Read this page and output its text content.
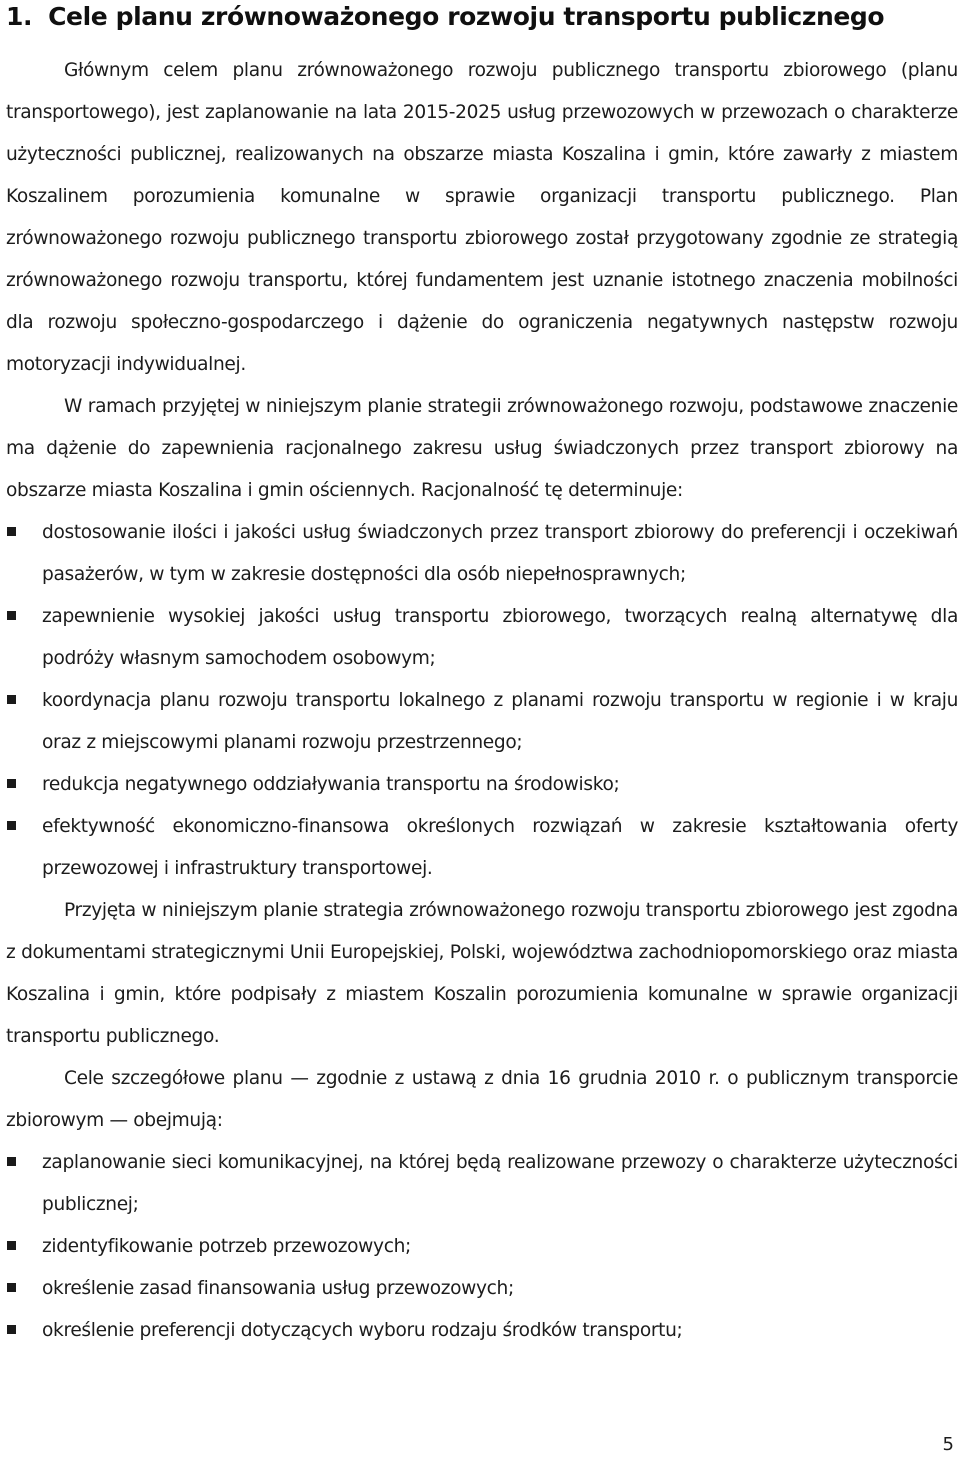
1. Cele planu zrównoważonego rozwoju transportu publicznego

Głównym celem planu zrównoważonego rozwoju publicznego transportu zbiorowego (planu transportowego), jest zaplanowanie na lata 2015-2025 usług przewozowych w przewozach o charakterze użyteczności publicznej, realizowanych na obszarze miasta Koszalina i gmin, które zawarły z miastem Koszalinem porozumienia komunalne w sprawie organizacji transportu publicznego. Plan zrównoważonego rozwoju publicznego transportu zbiorowego został przygotowany zgodnie ze strategią zrównoważonego rozwoju transportu, której fundamentem jest uznanie istotnego znaczenia mobilności dla rozwoju społeczno-gospodarczego i dążenie do ograniczenia negatywnych następstw rozwoju motoryzacji indywidualnej.

W ramach przyjętej w niniejszym planie strategii zrównoważonego rozwoju, podstawowe znaczenie ma dążenie do zapewnienia racjonalnego zakresu usług świadczonych przez transport zbiorowy na obszarze miasta Koszalina i gmin ościennych. Racjonalność tę determinuje:

dostosowanie ilości i jakości usług świadczonych przez transport zbiorowy do preferencji i oczekiwań pasażerów, w tym w zakresie dostępności dla osób niepełnosprawnych;
zapewnienie wysokiej jakości usług transportu zbiorowego, tworzących realną alternatywę dla podróży własnym samochodem osobowym;
koordynacja planu rozwoju transportu lokalnego z planami rozwoju transportu w regionie i w kraju oraz z miejscowymi planami rozwoju przestrzennego;
redukcja negatywnego oddziaływania transportu na środowisko;
efektywność ekonomiczno-finansowa określonych rozwiązań w zakresie kształtowania oferty przewozowej i infrastruktury transportowej.

Przyjęta w niniejszym planie strategia zrównoważonego rozwoju transportu zbiorowego jest zgodna z dokumentami strategicznymi Unii Europejskiej, Polski, województwa zachodniopomorskiego oraz miasta Koszalina i gmin, które podpisały z miastem Koszalin porozumienia komunalne w sprawie organizacji transportu publicznego.

Cele szczegółowe planu — zgodnie z ustawą z dnia 16 grudnia 2010 r. o publicznym transporcie zbiorowym — obejmują:

zaplanowanie sieci komunikacyjnej, na której będą realizowane przewozy o charakterze użyteczności publicznej;
zidentyfikowanie potrzeb przewozowych;
określenie zasad finansowania usług przewozowych;
określenie preferencji dotyczących wyboru rodzaju środków transportu;
5
